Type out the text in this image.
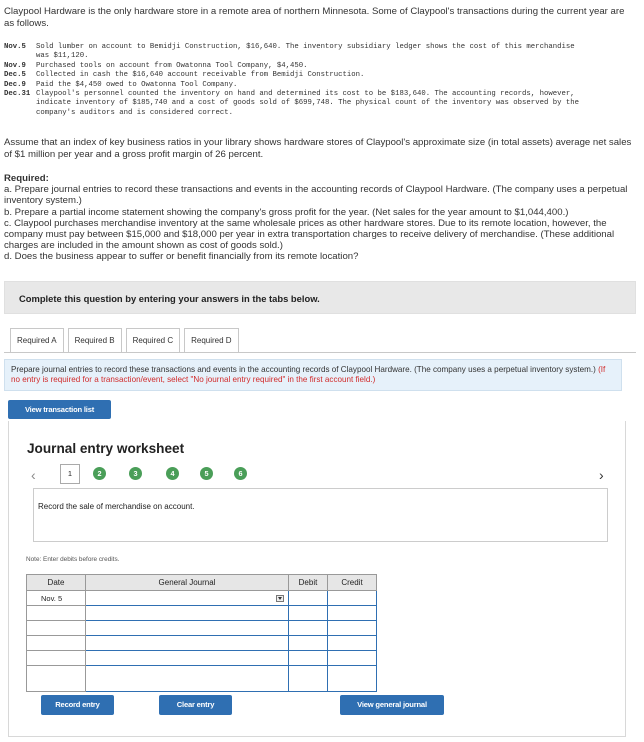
Claypool Hardware is the only hardware store in a remote area of northern Minnesota. Some of Claypool's transactions during the current year are as follows.
Nov.5	Sold lumber on account to Bemidji Construction, $16,640. The inventory subsidiary ledger shows the cost of this merchandise
was $11,120.
Nov.9	Purchased tools on account from Owatonna Tool Company, $4,450.
Dec.5	Collected in cash the $16,640 account receivable from Bemidji Construction.
Dec.9	Paid the $4,450 owed to Owatonna Tool Company.
Dec.31 Claypool's personnel counted the inventory on hand and determined its cost to be $183,640. The accounting records, however,
indicate inventory of $185,740 and a cost of goods sold of $699,748. The physical count of the inventory was observed by the
company's auditors and is considered correct.
Assume that an index of key business ratios in your library shows hardware stores of Claypool's approximate size (in total assets) average net sales of $1 million per year and a gross profit margin of 26 percent.
Required:
a. Prepare journal entries to record these transactions and events in the accounting records of Claypool Hardware. (The company uses a perpetual inventory system.)
b. Prepare a partial income statement showing the company's gross profit for the year. (Net sales for the year amount to $1,044,400.)
c. Claypool purchases merchandise inventory at the same wholesale prices as other hardware stores. Due to its remote location, however, the company must pay between $15,000 and $18,000 per year in extra transportation charges to receive delivery of merchandise. (These additional charges are included in the amount shown as cost of goods sold.)
d. Does the business appear to suffer or benefit financially from its remote location?
Complete this question by entering your answers in the tabs below.
Required A	Required B	Required C	Required D
Prepare journal entries to record these transactions and events in the accounting records of Claypool Hardware. (The company uses a perpetual inventory system.) (If no entry is required for a transaction/event, select "No journal entry required" in the first account field.)
View transaction list
Journal entry worksheet
‹	1	2	3	4	5	6	›
Record the sale of merchandise on account.
Note: Enter debits before credits.
Date	General Journal	Debit	Credit
Nov. 5	

Record entry	Clear entry	View general journal
